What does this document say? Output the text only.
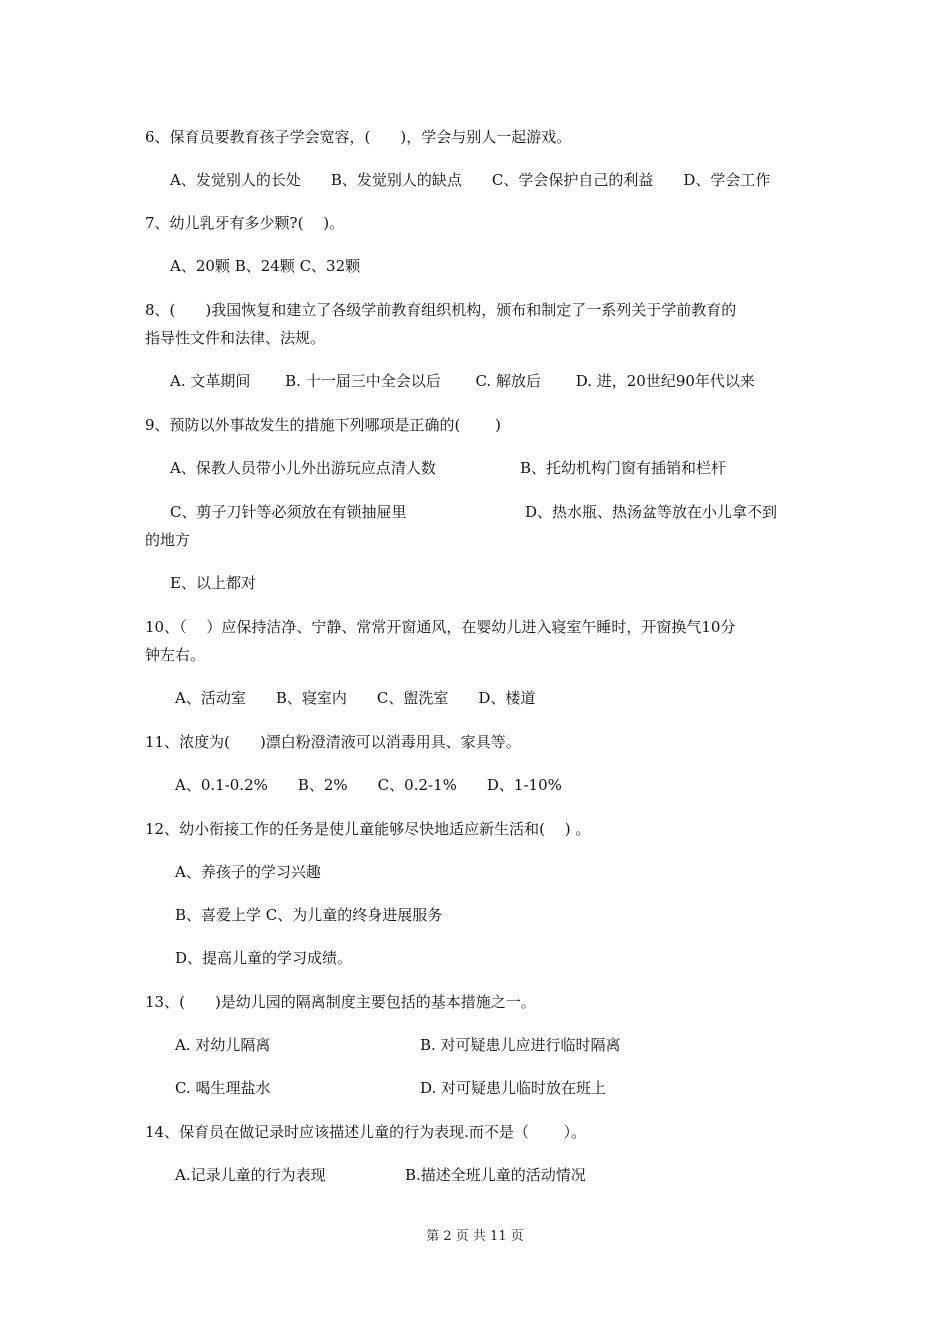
6、保育员要教育孩子学会宽容，(　　)，学会与别人一起游戏。
A、发觉别人的长处　　B、发觉别人的缺点　　C、学会保护自己的利益　　D、学会工作
7、幼儿乳牙有多少颗?(　 )。
A、20颗 B、24颗 C、32颗
8、(　　)我国恢复和建立了各级学前教育组织机构，颁布和制定了一系列关于学前教育的
指导性文件和法律、法规。
A. 文革期间　　 B. 十一届三中全会以后　　 C. 解放后　　 D. 进，20世纪90年代以来
9、预防以外事故发生的措施下列哪项是正确的(　　 )
A、保教人员带小儿外出游玩应点清人数	B、托幼机构门窗有插销和栏杆
C、剪子刀针等必须放在有锁抽屉里	D、热水瓶、热汤盆等放在小儿拿不到
的地方
E、以上都对
10、（　 ）应保持洁净、宁静、常常开窗通风，在婴幼儿进入寝室午睡时，开窗换气10分
钟左右。
A、活动室　　B、寝室内　　C、盥洗室　　D、楼道
11、浓度为(　　)漂白粉澄清液可以消毒用具、家具等。
A、0.1-0.2%　　B、2%　　C、0.2-1%　　D、1-10%
12、幼小衔接工作的任务是使儿童能够尽快地适应新生活和(　 ) 。
A、养孩子的学习兴趣
B、喜爱上学 C、为儿童的终身进展服务
D、提高儿童的学习成绩。
13、(　　)是幼儿园的隔离制度主要包括的基本措施之一。
A. 对幼儿隔离	B. 对可疑患儿应进行临时隔离
C. 喝生理盐水	D. 对可疑患儿临时放在班上
14、保育员在做记录时应该描述儿童的行为表现.而不是（　　 ）。
A.记录儿童的行为表现	B.描述全班儿童的活动情况
第 2 页 共 11 页
